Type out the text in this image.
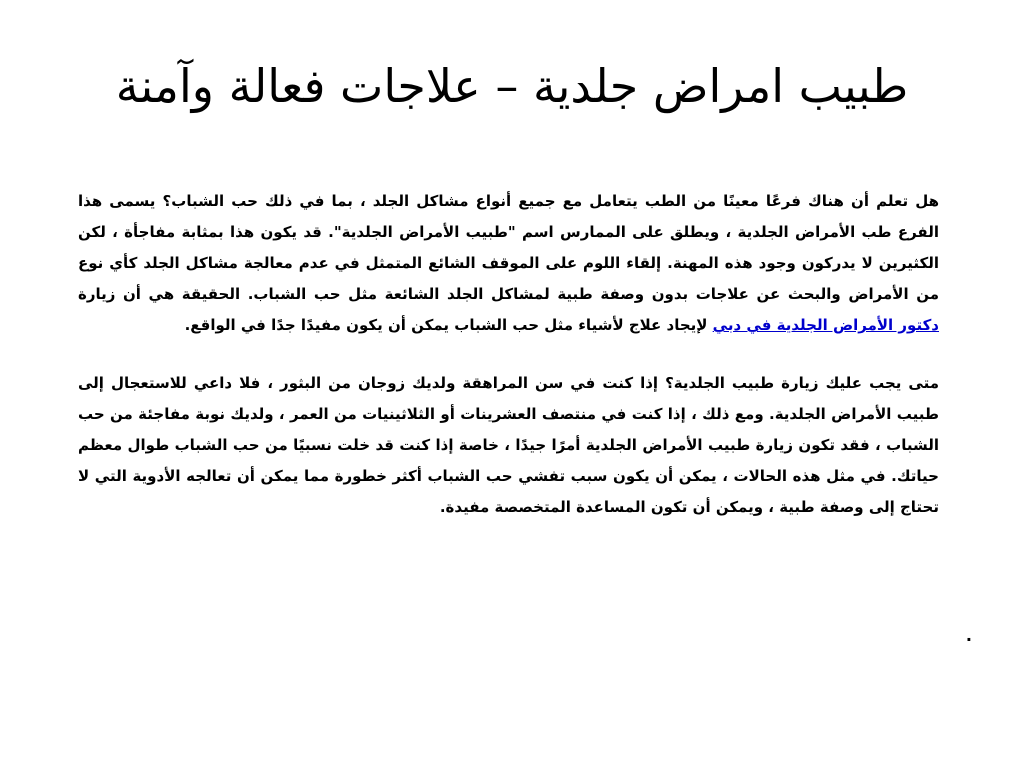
طبيب امراض جلدية – علاجات فعالة وآمنة

هل تعلم أن هناك فرعًا معينًا من الطب يتعامل مع جميع أنواع مشاكل الجلد ، بما في ذلك حب الشباب؟ يسمى هذا الفرع طب الأمراض الجلدية ، ويطلق على الممارس اسم "طبيب الأمراض الجلدية". قد يكون هذا بمثابة مفاجأة ، لكن الكثيرين لا يدركون وجود هذه المهنة. إلقاء اللوم على الموقف الشائع المتمثل في عدم معالجة مشاكل الجلد كأي نوع من الأمراض والبحث عن علاجات بدون وصفة طبية لمشاكل الجلد الشائعة مثل حب الشباب. الحقيقة هي أن زيارة دكتور الأمراض الجلدية في دبي لإيجاد علاج لأشياء مثل حب الشباب يمكن أن يكون مفيدًا جدًا في الواقع.

متى يجب عليك زيارة طبيب الجلدية؟ إذا كنت في سن المراهقة ولديك زوجان من البثور ، فلا داعي للاستعجال إلى طبيب الأمراض الجلدية. ومع ذلك ، إذا كنت في منتصف العشرينات أو الثلاثينيات من العمر ، ولديك نوبة مفاجئة من حب الشباب ، فقد تكون زيارة طبيب الأمراض الجلدية أمرًا جيدًا ، خاصة إذا كنت قد خلت نسبيًا من حب الشباب طوال معظم حياتك. في مثل هذه الحالات ، يمكن أن يكون سبب تفشي حب الشباب أكثر خطورة مما يمكن أن تعالجه الأدوية التي لا تحتاج إلى وصفة طبية ، ويمكن أن تكون المساعدة المتخصصة مفيدة.

.
